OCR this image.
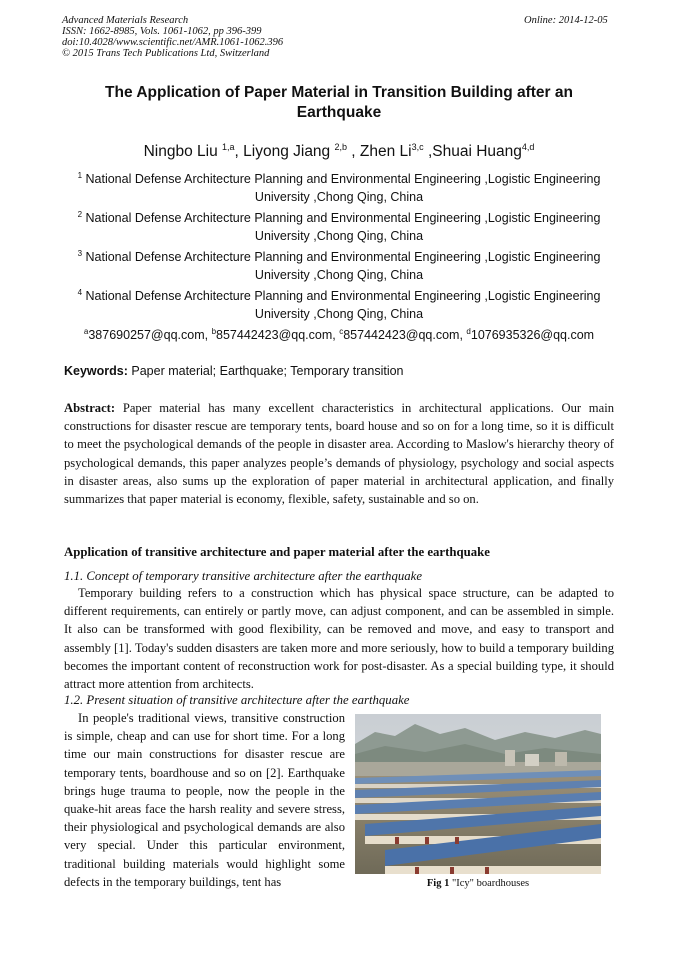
Advanced Materials Research
ISSN: 1662-8985, Vols. 1061-1062, pp 396-399
doi:10.4028/www.scientific.net/AMR.1061-1062.396
© 2015 Trans Tech Publications Ltd, Switzerland
Online: 2014-12-05
The Application of Paper Material in Transition Building after an Earthquake
Ningbo Liu $^{1,a}$, Liyong Jiang $^{2,b}$ , Zhen Li$^{3,c}$ ,Shuai Huang$^{4,d}$
$^1$ National Defense Architecture Planning and Environmental Engineering ,Logistic Engineering
University ,Chong Qing, China
$^2$ National Defense Architecture Planning and Environmental Engineering ,Logistic Engineering
University ,Chong Qing, China
$^3$ National Defense Architecture Planning and Environmental Engineering ,Logistic Engineering
University ,Chong Qing, China
$^4$ National Defense Architecture Planning and Environmental Engineering ,Logistic Engineering
University ,Chong Qing, China
$^a$387690257@qq.com, $^b$857442423@qq.com, $^c$857442423@qq.com, $^d$1076935326@qq.com
Keywords: Paper material; Earthquake; Temporary transition
Abstract: Paper material has many excellent characteristics in architectural applications. Our main constructions for disaster rescue are temporary tents, board house and so on for a long time, so it is difficult to meet the psychological demands of the people in disaster area. According to Maslow's hierarchy theory of psychological demands, this paper analyzes people’s demands of physiology, psychology and social aspects in disaster areas, also sums up the exploration of paper material in architectural application, and finally summarizes that paper material is economy, flexible, safety, sustainable and so on.
Application of transitive architecture and paper material after the earthquake
1.1. Concept of temporary transitive architecture after the earthquake
Temporary building refers to a construction which has physical space structure, can be adapted to different requirements, can entirely or partly move, can adjust component, and can be assembled in simple. It also can be transformed with good flexibility, can be removed and move, and easy to transport and assembly [1]. Today's sudden disasters are taken more and more seriously, how to build a temporary building becomes the important content of reconstruction work for post-disaster. As a special building type, it should attract more attention from architects.
1.2. Present situation of transitive architecture after the earthquake
In people's traditional views, transitive construction is simple, cheap and can use for short time. For a long time our main constructions for disaster rescue are temporary tents, boardhouse and so on [2]. Earthquake brings huge trauma to people, now the people in the quake-hit areas face the harsh reality and severe stress, their physiological and psychological demands are also very special. Under this particular environment, traditional building materials would highlight some defects in the temporary buildings, tent has	Fig 1 "Icy" boardhouses
